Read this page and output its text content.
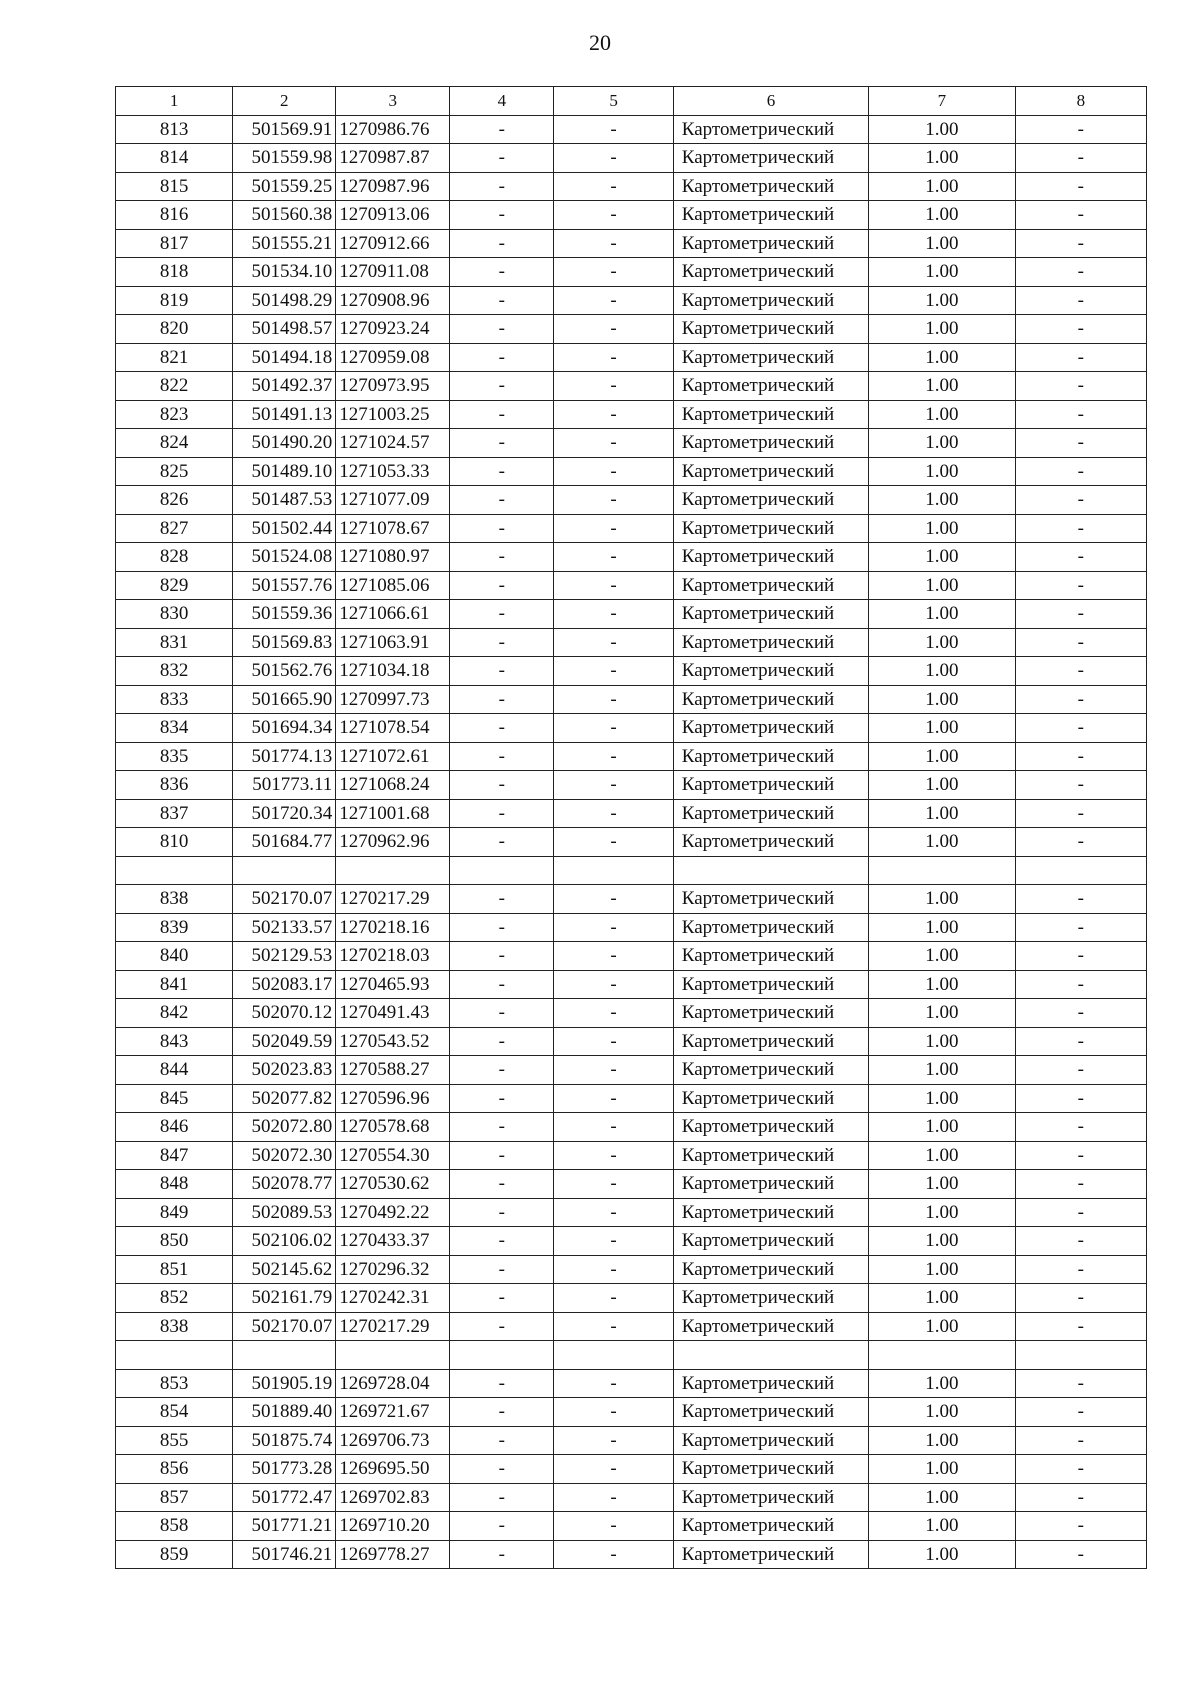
20
1	2	3	4	5	6	7	8
813	501569.91	1270986.76	-	-	Картометрический	1.00	-
814	501559.98	1270987.87	-	-	Картометрический	1.00	-
815	501559.25	1270987.96	-	-	Картометрический	1.00	-
816	501560.38	1270913.06	-	-	Картометрический	1.00	-
817	501555.21	1270912.66	-	-	Картометрический	1.00	-
818	501534.10	1270911.08	-	-	Картометрический	1.00	-
819	501498.29	1270908.96	-	-	Картометрический	1.00	-
820	501498.57	1270923.24	-	-	Картометрический	1.00	-
821	501494.18	1270959.08	-	-	Картометрический	1.00	-
822	501492.37	1270973.95	-	-	Картометрический	1.00	-
823	501491.13	1271003.25	-	-	Картометрический	1.00	-
824	501490.20	1271024.57	-	-	Картометрический	1.00	-
825	501489.10	1271053.33	-	-	Картометрический	1.00	-
826	501487.53	1271077.09	-	-	Картометрический	1.00	-
827	501502.44	1271078.67	-	-	Картометрический	1.00	-
828	501524.08	1271080.97	-	-	Картометрический	1.00	-
829	501557.76	1271085.06	-	-	Картометрический	1.00	-
830	501559.36	1271066.61	-	-	Картометрический	1.00	-
831	501569.83	1271063.91	-	-	Картометрический	1.00	-
832	501562.76	1271034.18	-	-	Картометрический	1.00	-
833	501665.90	1270997.73	-	-	Картометрический	1.00	-
834	501694.34	1271078.54	-	-	Картометрический	1.00	-
835	501774.13	1271072.61	-	-	Картометрический	1.00	-
836	501773.11	1271068.24	-	-	Картометрический	1.00	-
837	501720.34	1271001.68	-	-	Картометрический	1.00	-
810	501684.77	1270962.96	-	-	Картометрический	1.00	-

838	502170.07	1270217.29	-	-	Картометрический	1.00	-
839	502133.57	1270218.16	-	-	Картометрический	1.00	-
840	502129.53	1270218.03	-	-	Картометрический	1.00	-
841	502083.17	1270465.93	-	-	Картометрический	1.00	-
842	502070.12	1270491.43	-	-	Картометрический	1.00	-
843	502049.59	1270543.52	-	-	Картометрический	1.00	-
844	502023.83	1270588.27	-	-	Картометрический	1.00	-
845	502077.82	1270596.96	-	-	Картометрический	1.00	-
846	502072.80	1270578.68	-	-	Картометрический	1.00	-
847	502072.30	1270554.30	-	-	Картометрический	1.00	-
848	502078.77	1270530.62	-	-	Картометрический	1.00	-
849	502089.53	1270492.22	-	-	Картометрический	1.00	-
850	502106.02	1270433.37	-	-	Картометрический	1.00	-
851	502145.62	1270296.32	-	-	Картометрический	1.00	-
852	502161.79	1270242.31	-	-	Картометрический	1.00	-
838	502170.07	1270217.29	-	-	Картометрический	1.00	-

853	501905.19	1269728.04	-	-	Картометрический	1.00	-
854	501889.40	1269721.67	-	-	Картометрический	1.00	-
855	501875.74	1269706.73	-	-	Картометрический	1.00	-
856	501773.28	1269695.50	-	-	Картометрический	1.00	-
857	501772.47	1269702.83	-	-	Картометрический	1.00	-
858	501771.21	1269710.20	-	-	Картометрический	1.00	-
859	501746.21	1269778.27	-	-	Картометрический	1.00	-
